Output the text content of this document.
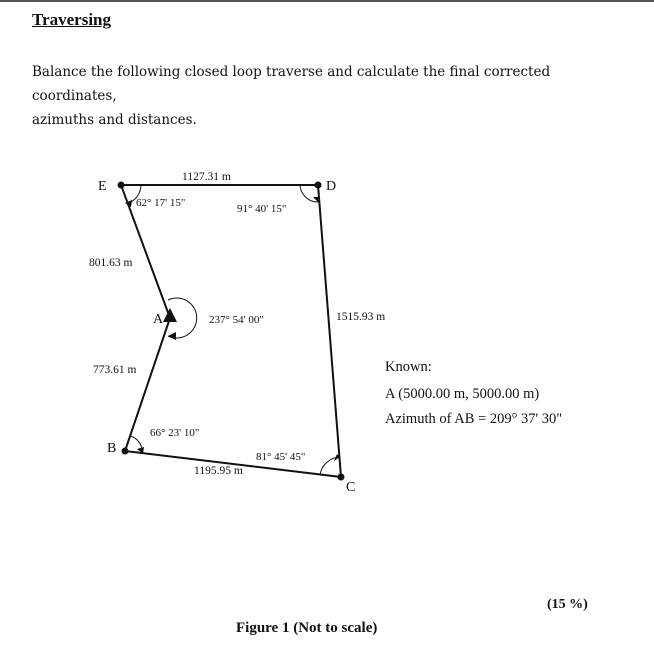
Traversing
Balance the following closed loop traverse and calculate the final corrected coordinates,
azimuths and distances.
E	D
C
B
A
1127.31 m
801.63 m
773.61 m
1195.95 m
1515.93 m
62° 17' 15"	91° 40' 15"
237° 54' 00"
66° 23' 10"
81° 45' 45"
Known:
A (5000.00 m, 5000.00 m)
Azimuth of AB = 209° 37' 30"
(15 %)
Figure 1 (Not to scale)
